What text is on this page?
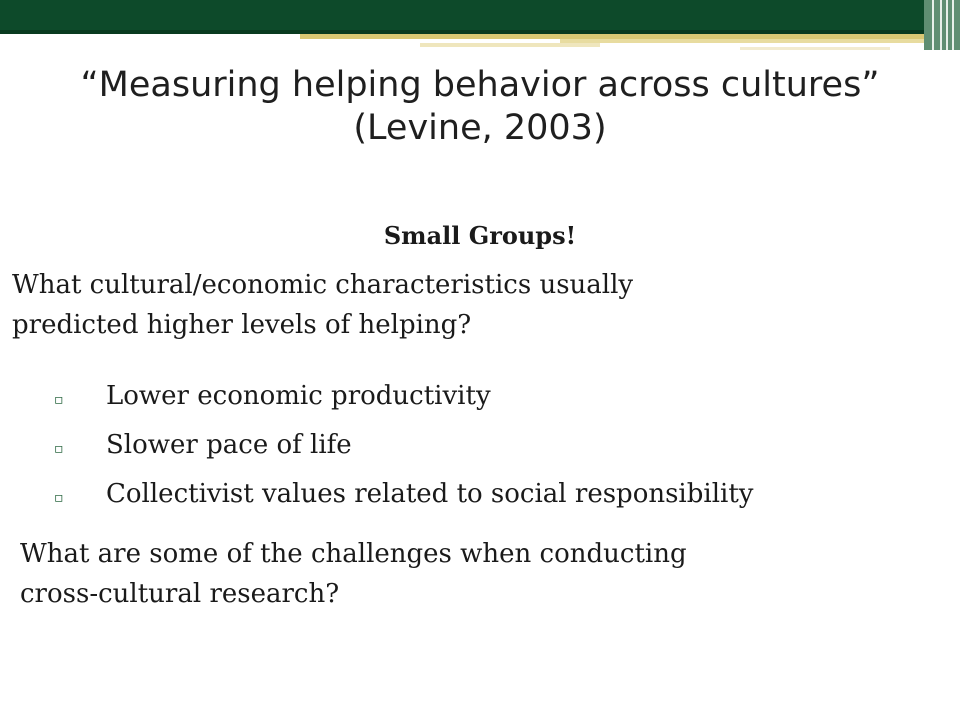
“Measuring helping behavior across cultures”
(Levine, 2003)
Small Groups!
What cultural/economic characteristics usually
predicted higher levels of helping?
▫	Lower economic productivity
▫	Slower pace of life
▫	Collectivist values related to social responsibility
What are some of the challenges when conducting
cross-cultural research?
